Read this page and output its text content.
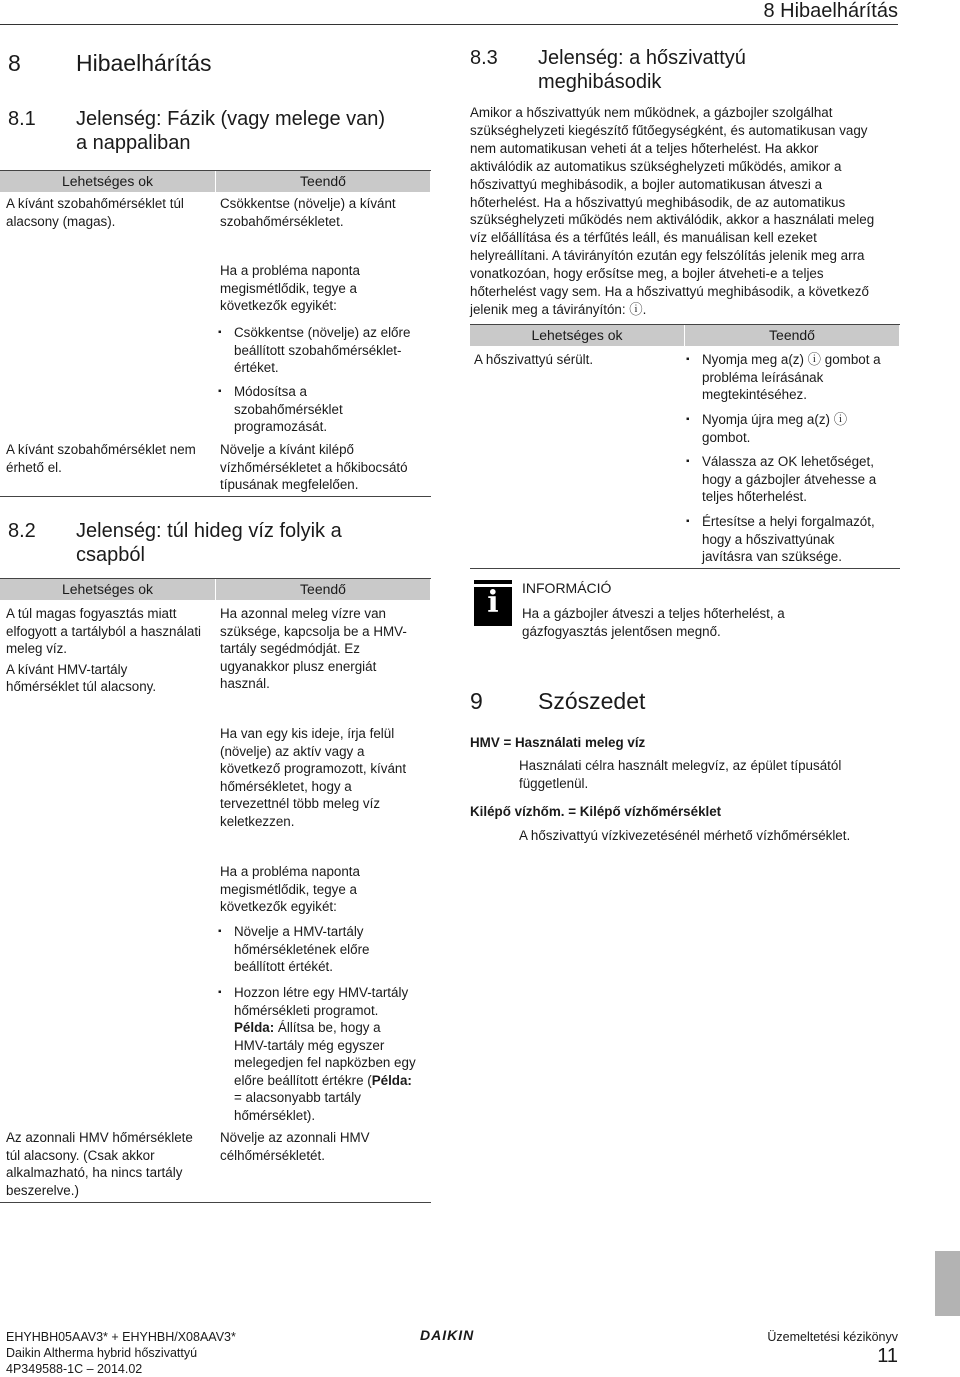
8 Hibaelhárítás
8 Hibaelhárítás
8.1 Jelenség: Fázik (vagy melege van)
a nappaliban
Lehetséges ok	Teendő
A kívánt szobahőmérséklet túl
alacsony (magas).
Csökkentse (növelje) a kívánt
szobahőmérsékletet.
Ha a probléma naponta
megismétlődik, tegye a
következők egyikét:
▪ Csökkentse (növelje) az előre
beállított szobahőmérséklet-
értéket.
▪ Módosítsa a
szobahőmérséklet
programozását.
A kívánt szobahőmérséklet nem
érhető el.
Növelje a kívánt kilépő
vízhőmérsékletet a hőkibocsátó
típusának megfelelően.
8.2 Jelenség: túl hideg víz folyik a
csapból
Lehetséges ok	Teendő
A túl magas fogyasztás miatt
elfogyott a tartályból a használati
meleg víz.
A kívánt HMV-tartály
hőmérséklet túl alacsony.
Ha azonnal meleg vízre van
szüksége, kapcsolja be a HMV-
tartály segédmódját. Ez
ugyanakkor plusz energiát
használ.
Ha van egy kis ideje, írja felül
(növelje) az aktív vagy a
következő programozott, kívánt
hőmérsékletet, hogy a
tervezettnél több meleg víz
keletkezzen.
Ha a probléma naponta
megismétlődik, tegye a
következők egyikét:
▪ Növelje a HMV-tartály
hőmérsékletének előre
beállított értékét.
▪ Hozzon létre egy HMV-tartály
hőmérsékleti programot.
Példa: Állítsa be, hogy a
HMV-tartály még egyszer
melegedjen fel napközben egy
előre beállított értékre (Példa:
= alacsonyabb tartály
hőmérséklet).
Az azonnali HMV hőmérséklete
túl alacsony. (Csak akkor
alkalmazható, ha nincs tartály
beszerelve.)
Növelje az azonnali HMV
célhőmérsékletét.
8.3 Jelenség: a hőszivattyú
meghibásodik
Amikor a hőszivattyúk nem működnek, a gázbojler szolgálhat
szükséghelyzeti kiegészítő fűtőegységként, és automatikusan vagy
nem automatikusan veheti át a teljes hőterhelést. Ha akkor
aktiválódik az automatikus szükséghelyzeti működés, amikor a
hőszivattyú meghibásodik, a bojler automatikusan átveszi a
hőterhelést. Ha a hőszivattyú meghibásodik, de az automatikus
szükséghelyzeti működés nem aktiválódik, akkor a használati meleg
víz előállítása és a térfűtés leáll, és manuálisan kell ezeket
helyreállítani. A távirányítón ezután egy felszólítás jelenik meg arra
vonatkozóan, hogy erősítse meg, a bojler átveheti-e a teljes
hőterhelést vagy sem. Ha a hőszivattyú meghibásodik, a következő
jelenik meg a távirányítón: ⓘ.
Lehetséges ok	Teendő
A hőszivattyú sérült.
▪	Nyomja meg a(z) ⓘ gombot a
probléma leírásának
megtekintéséhez.
▪ Nyomja újra meg a(z) ⓘ
gombot.
▪ Válassza az OK lehetőséget,
hogy a gázbojler átvehesse a
teljes hőterhelést.
▪ Értesítse a helyi forgalmazót,
hogy a hőszivattyúnak
javításra van szüksége.
i	INFORMÁCIÓ
Ha a gázbojler átveszi a teljes hőterhelést, a
gázfogyasztás jelentősen megnő.
9 Szószedet
HMV = Használati meleg víz
Használati célra használt melegvíz, az épület típusától
függetlenül.
Kilépő vízhőm. = Kilépő vízhőmérséklet
A hőszivattyú vízkivezetésénél mérhető vízhőmérséklet.
EHYHBH05AAV3* + EHYHBH/X08AAV3*
Daikin Altherma hybrid hőszivattyú
4P349588-1C – 2014.02
DAIKIN	Üzemeltetési kézikönyv
11
